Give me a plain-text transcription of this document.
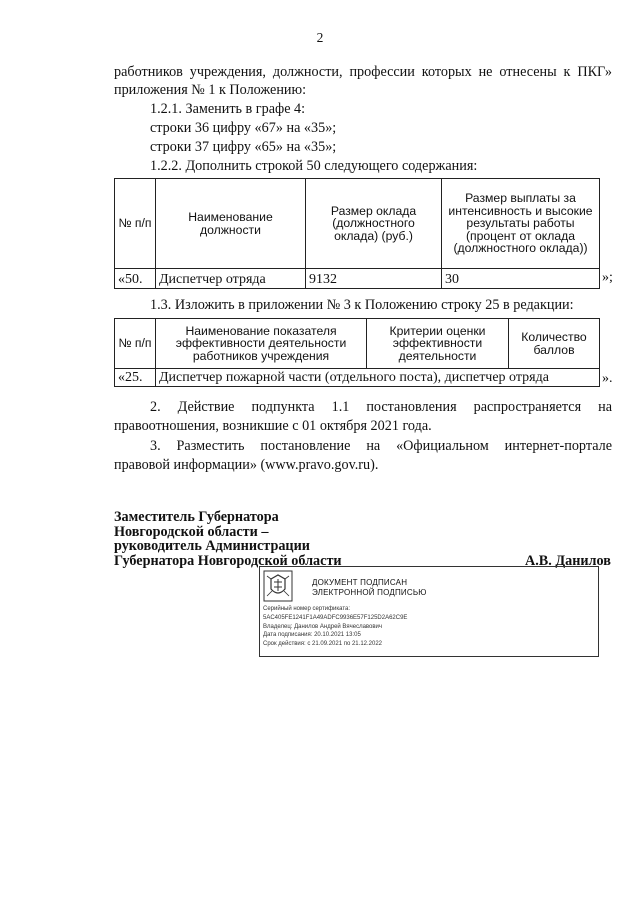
2
работников учреждения, должности, профессии которых не отнесены к ПКГ»
приложения № 1 к Положению:
1.2.1. Заменить в графе 4:
строки 36 цифру «67» на «35»;
строки 37 цифру «65» на «35»;
1.2.2. Дополнить строкой 50 следующего содержания:
№ п/п	Наименование должности	Размер оклада (должностного оклада) (руб.)	Размер выплаты за интенсивность и высокие результаты работы (процент от оклада (должностного оклада))
«50.	Диспетчер отряда	9132	30	»;
1.3. Изложить в приложении № 3 к Положению строку 25 в редакции:
№ п/п	Наименование показателя эффективности деятельности работников учреждения	Критерии оценки эффективности деятельности	Количество баллов
«25.	Диспетчер пожарной части (отдельного поста), диспетчер отряда			».
2. Действие подпункта 1.1 постановления распространяется на
правоотношения, возникшие с 01 октября 2021 года.
3. Разместить постановление на «Официальном интернет-портале
правовой информации» (www.pravo.gov.ru).
Заместитель Губернатора
Новгородской области –
руководитель Администрации
Губернатора Новгородской области	А.В. Данилов
ДОКУМЕНТ ПОДПИСАН
ЭЛЕКТРОННОЙ ПОДПИСЬЮ
Серийный номер сертификата:
5AC405FE1241F1A49ADFC9936E57F125D2A62C9E
Владелец: Данилов Андрей Вячеславович
Дата подписания: 20.10.2021 13:05
Срок действия: с 21.09.2021 по 21.12.2022
